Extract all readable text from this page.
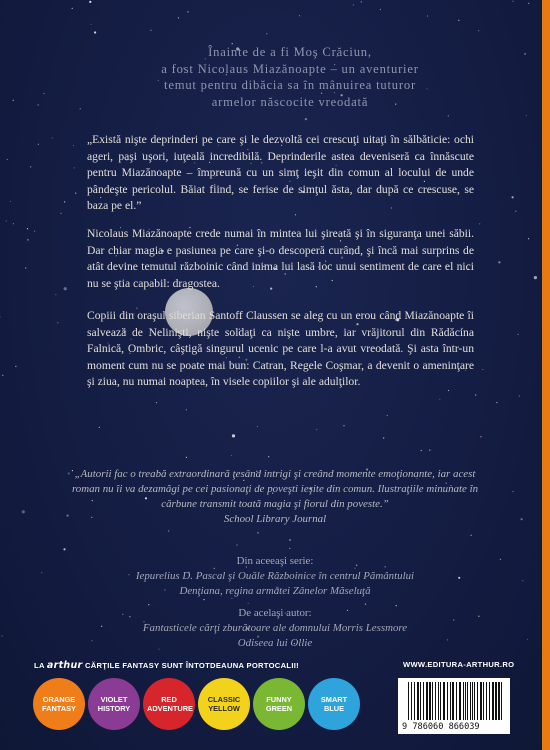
Înainte de a fi Moş Crăciun,
a fost Nicolaus Miazănoapte – un aventurier
temut pentru dibăcia sa în mânuirea tuturor
armelor născocite vreodată

„Există nişte deprinderi pe care şi le dezvoltă cei crescuţi uitaţi în sălbăticie: ochi ageri, paşi uşori, iuţeală incredibilă. Deprinderile astea deveniseră ca înnăscute pentru Miazănoapte – împreună cu un simţ ieşit din comun al locului de unde pândeşte pericolul. Băiat fiind, se ferise de simţul ăsta, dar după ce crescuse, se baza pe el.”

Nicolaus Miazănoapte crede numai în mintea lui şireată şi în siguranţa unei săbii. Dar chiar magia e pasiunea pe care şi-o descoperă curând, şi încă mai surprins de atât devine temutul războinic când inima lui lasă loc unui sentiment de care el nici nu se ştia capabil: dragostea.

Copiii din oraşul siberian Santoff Claussen se aleg cu un erou când Miazănoapte îi salvează de Nelinişti, nişte soldaţi ca nişte umbre, iar vrăjitorul din Rădăcina Falnică, Ombric, câştigă singurul ucenic pe care l-a avut vreodată. Şi asta într-un moment cum nu se poate mai bun: Catran, Regele Coşmar, a devenit o ameninţare şi ziua, nu numai noaptea, în visele copiilor şi ale adulţilor.

„Autorii fac o treabă extraordinară ţesând intrigi şi creând momente emoţionante, iar acest roman nu îi va dezamăgi pe cei pasionaţi de poveşti ieşite din comun. Ilustraţiile minunate în cărbune transmit toată magia şi fiorul din poveste.”
School Library Journal
Din aceeaşi serie:
Iepurelius D. Pascal şi Ouăle Războinice în centrul Pământului
Denţiana, regina armatei Zânelor Măseluţă
De acelaşi autor:
Fantasticele cărţi zburătoare ale domnului Morris Lessmore
Odiseea lui Ollie
LA arthur CĂRŢILE FANTASY SUNT ÎNTOTDEAUNA PORTOCALII!	WWW.EDITURA-ARTHUR.RO
ORANGE FANTASY
VIOLET HISTORY
RED ADVENTURE
CLASSIC YELLOW
FUNNY GREEN
SMART BLUE
9 786060 866039
